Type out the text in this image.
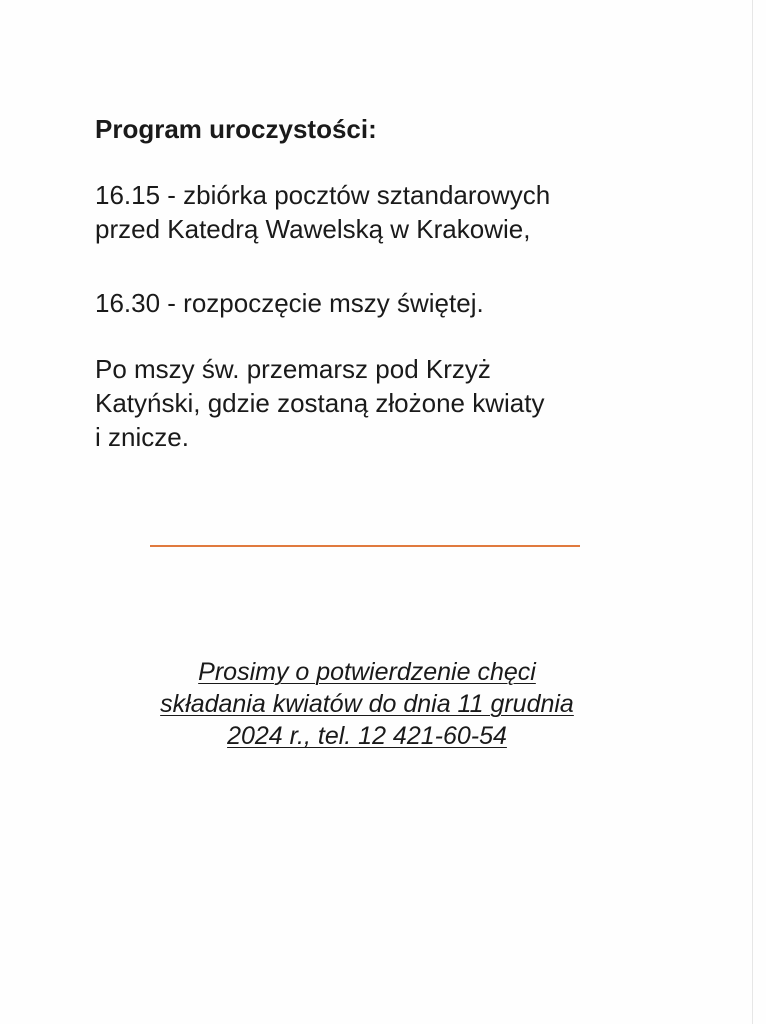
Program uroczystości:
16.15 - zbiórka pocztów sztandarowych
przed Katedrą Wawelską w Krakowie,
16.30 - rozpoczęcie mszy świętej.
Po mszy św. przemarsz pod Krzyż
Katyński, gdzie zostaną złożone kwiaty
i znicze.
Prosimy o potwierdzenie chęci
składania kwiatów do dnia 11 grudnia
2024 r., tel. 12 421-60-54
